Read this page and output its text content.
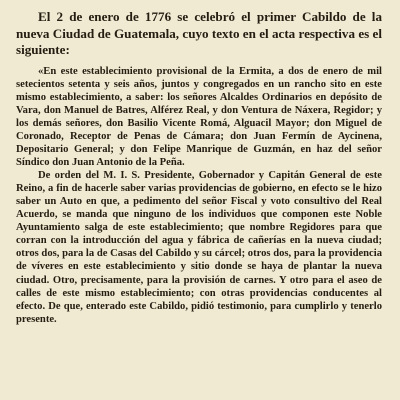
El 2 de enero de 1776 se celebró el primer Cabildo de la nueva Ciudad de Guatemala, cuyo texto en el acta respectiva es el siguiente:

«En este establecimiento provisional de la Ermita, a dos de enero de mil setecientos setenta y seis años, juntos y congregados en un rancho sito en este mismo establecimiento, a saber: los señores Alcaldes Ordinarios en depósito de Vara, don Manuel de Batres, Alférez Real, y don Ventura de Náxera, Regidor; y los demás señores, don Basilio Vicente Romá, Alguacil Mayor; don Miguel de Coronado, Receptor de Penas de Cámara; don Juan Fermín de Aycinena, Depositario General; y don Felipe Manrique de Guzmán, en haz del señor Síndico don Juan Antonio de la Peña.

De orden del M. I. S. Presidente, Gobernador y Capitán General de este Reino, a fin de hacerle saber varias providencias de gobierno, en efecto se le hizo saber un Auto en que, a pedimento del señor Fiscal y voto consultivo del Real Acuerdo, se manda que ninguno de los individuos que componen este Noble Ayuntamiento salga de este establecimiento; que nombre Regidores para que corran con la introducción del agua y fábrica de cañerías en la nueva ciudad; otros dos, para la de Casas del Cabildo y su cárcel; otros dos, para la providencia de víveres en este establecimiento y sitio donde se haya de plantar la nueva ciudad. Otro, precisamente, para la provisión de carnes. Y otro para el aseo de calles de este mismo establecimiento; con otras providencias conducentes al efecto. De que, enterado este Cabildo, pidió testimonio, para cumplirlo y tenerlo presente.
